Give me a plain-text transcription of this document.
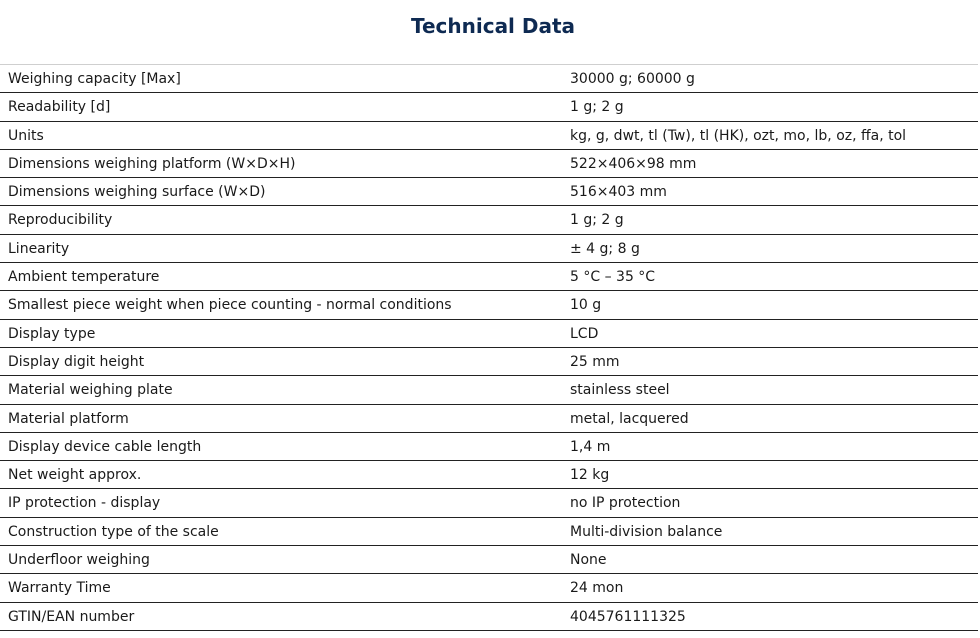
Technical Data
Weighing capacity [Max]	30000 g; 60000 g
Readability [d]	1 g; 2 g
Units	kg, g, dwt, tl (Tw), tl (HK), ozt, mo, lb, oz, ffa, tol
Dimensions weighing platform (W×D×H)	522×406×98 mm
Dimensions weighing surface (W×D)	516×403 mm
Reproducibility	1 g; 2 g
Linearity	± 4 g; 8 g
Ambient temperature	5 °C – 35 °C
Smallest piece weight when piece counting - normal conditions	10 g
Display type	LCD
Display digit height	25 mm
Material weighing plate	stainless steel
Material platform	metal, lacquered
Display device cable length	1,4 m
Net weight approx.	12 kg
IP protection - display	no IP protection
Construction type of the scale	Multi-division balance
Underfloor weighing	None
Warranty Time	24 mon
GTIN/EAN number	4045761111325
